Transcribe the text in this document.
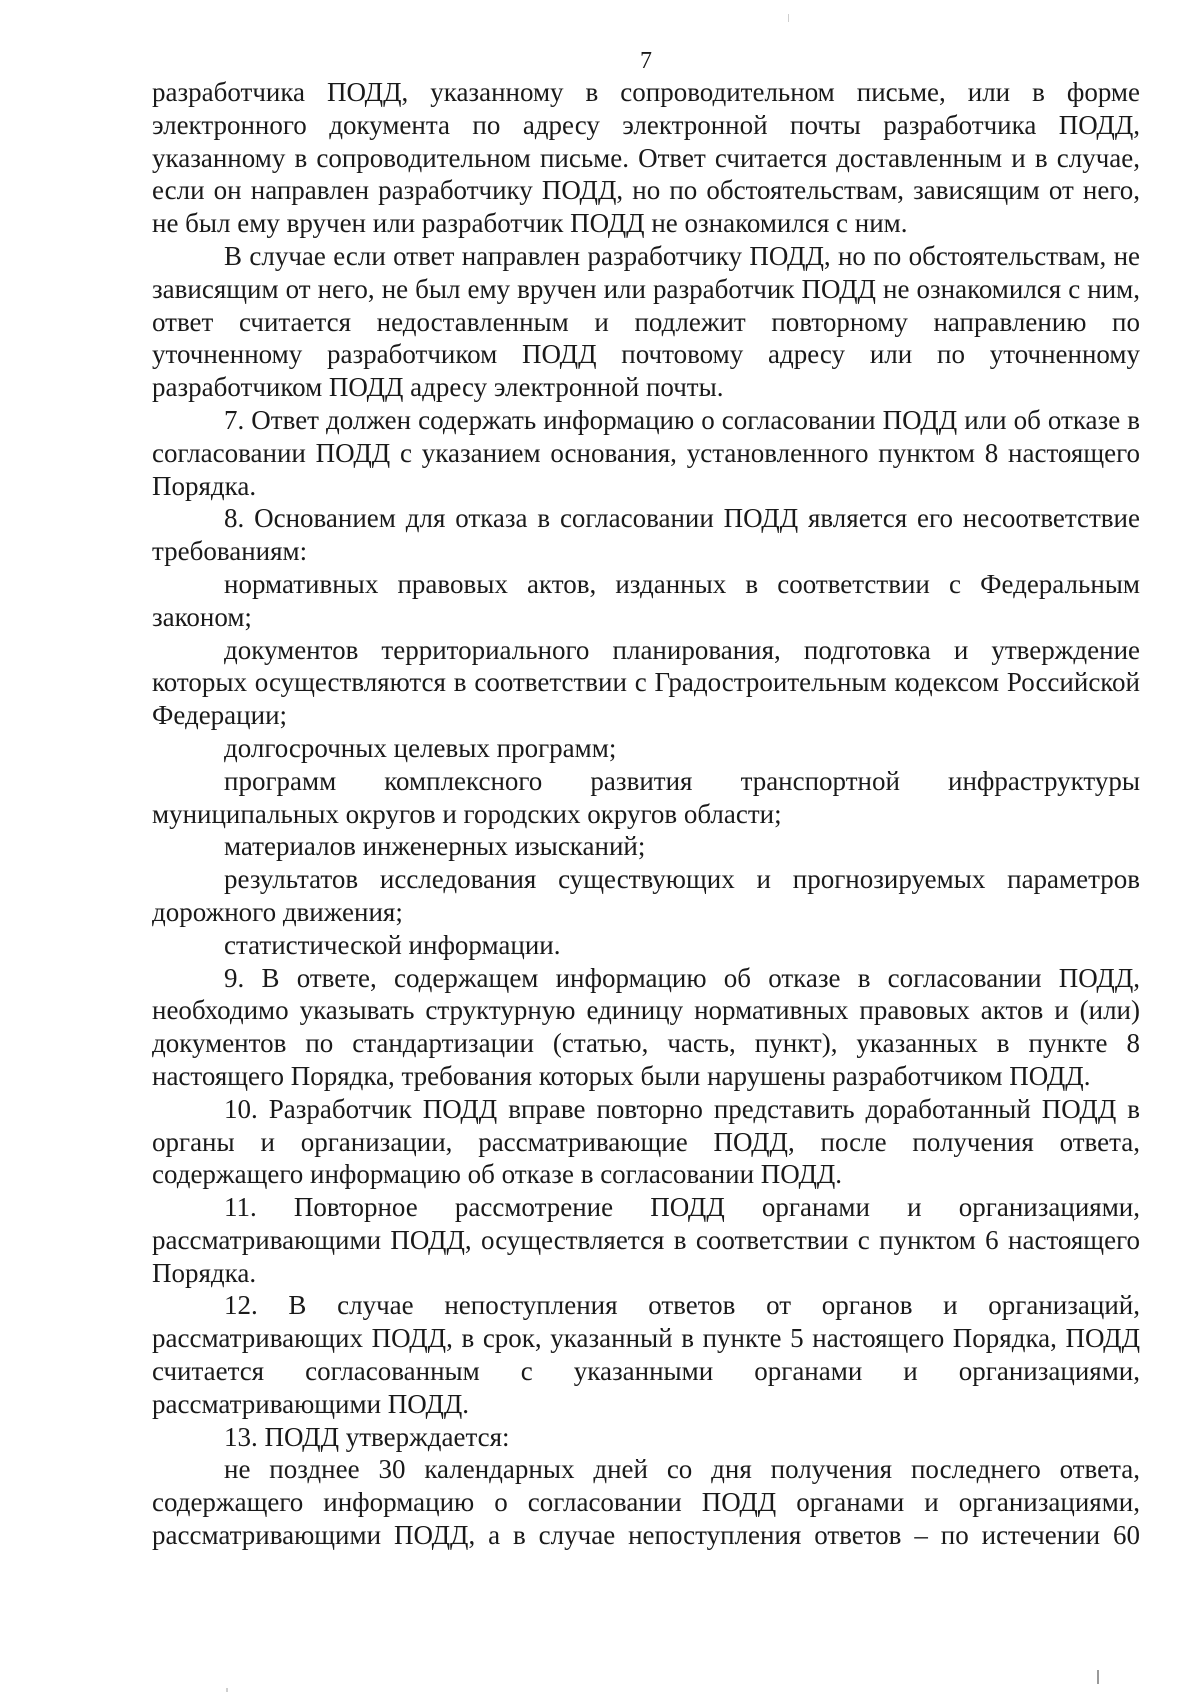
7

разработчика ПОДД, указанному в сопроводительном письме, или в форме электронного документа по адресу электронной почты разработчика ПОДД, указанному в сопроводительном письме. Ответ считается доставленным и в случае, если он направлен разработчику ПОДД, но по обстоятельствам, зависящим от него, не был ему вручен или разработчик ПОДД не ознакомился с ним.

В случае если ответ направлен разработчику ПОДД, но по обстоятельствам, не зависящим от него, не был ему вручен или разработчик ПОДД не ознакомился с ним, ответ считается недоставленным и подлежит повторному направлению по уточненному разработчиком ПОДД почтовому адресу или по уточненному разработчиком ПОДД адресу электронной почты.

7. Ответ должен содержать информацию о согласовании ПОДД или об отказе в согласовании ПОДД с указанием основания, установленного пунктом 8 настоящего Порядка.

8. Основанием для отказа в согласовании ПОДД является его несоответствие требованиям:

нормативных правовых актов, изданных в соответствии с Федеральным законом;

документов территориального планирования, подготовка и утверждение которых осуществляются в соответствии с Градостроительным кодексом Российской Федерации;

долгосрочных целевых программ;

программ комплексного развития транспортной инфраструктуры муниципальных округов и городских округов области;

материалов инженерных изысканий;

результатов исследования существующих и прогнозируемых параметров дорожного движения;

статистической информации.

9. В ответе, содержащем информацию об отказе в согласовании ПОДД, необходимо указывать структурную единицу нормативных правовых актов и (или) документов по стандартизации (статью, часть, пункт), указанных в пункте 8 настоящего Порядка, требования которых были нарушены разработчиком ПОДД.

10. Разработчик ПОДД вправе повторно представить доработанный ПОДД в органы и организации, рассматривающие ПОДД, после получения ответа, содержащего информацию об отказе в согласовании ПОДД.

11. Повторное рассмотрение ПОДД органами и организациями, рассматривающими ПОДД, осуществляется в соответствии с пунктом 6 настоящего Порядка.

12. В случае непоступления ответов от органов и организаций, рассматривающих ПОДД, в срок, указанный в пункте 5 настоящего Порядка, ПОДД считается согласованным с указанными органами и организациями, рассматривающими ПОДД.

13. ПОДД утверждается:

не позднее 30 календарных дней со дня получения последнего ответа, содержащего информацию о согласовании ПОДД органами и организациями, рассматривающими ПОДД, а в случае непоступления ответов – по истечении 60
